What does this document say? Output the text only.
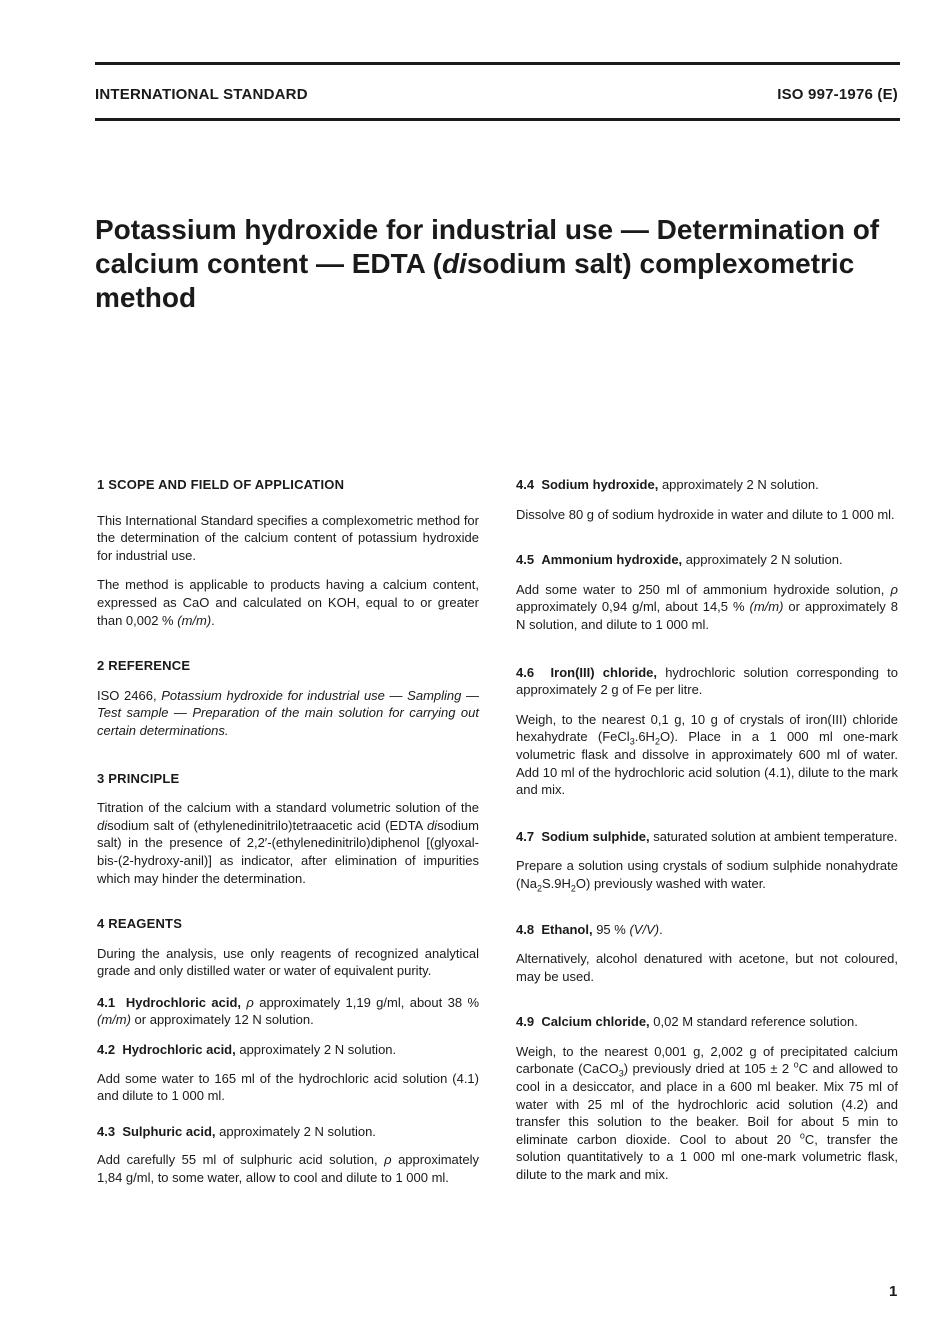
INTERNATIONAL STANDARD	ISO 997-1976 (E)
Potassium hydroxide for industrial use — Determination of calcium content — EDTA (disodium salt) complexometric method

1 SCOPE AND FIELD OF APPLICATION

This International Standard specifies a complexometric method for the determination of the calcium content of potassium hydroxide for industrial use.

The method is applicable to products having a calcium content, expressed as CaO and calculated on KOH, equal to or greater than 0,002 % (m/m).

2 REFERENCE

ISO 2466, Potassium hydroxide for industrial use — Sampling — Test sample — Preparation of the main solution for carrying out certain determinations.

3 PRINCIPLE

Titration of the calcium with a standard volumetric solution of the disodium salt of (ethylenedinitrilo)tetraacetic acid (EDTA disodium salt) in the presence of 2,2′-(ethylenedinitrilo)diphenol [(glyoxal-bis-(2-hydroxy-anil)] as indicator, after elimination of impurities which may hinder the determination.

4 REAGENTS

During the analysis, use only reagents of recognized analytical grade and only distilled water or water of equivalent purity.

4.1 Hydrochloric acid, ρ approximately 1,19 g/ml, about 38 % (m/m) or approximately 12 N solution.

4.2 Hydrochloric acid, approximately 2 N solution.

Add some water to 165 ml of the hydrochloric acid solution (4.1) and dilute to 1 000 ml.

4.3 Sulphuric acid, approximately 2 N solution.

Add carefully 55 ml of sulphuric acid solution, ρ approximately 1,84 g/ml, to some water, allow to cool and dilute to 1 000 ml.

4.4 Sodium hydroxide, approximately 2 N solution.

Dissolve 80 g of sodium hydroxide in water and dilute to 1 000 ml.

4.5 Ammonium hydroxide, approximately 2 N solution.

Add some water to 250 ml of ammonium hydroxide solution, ρ approximately 0,94 g/ml, about 14,5 % (m/m) or approximately 8 N solution, and dilute to 1 000 ml.

4.6 Iron(III) chloride, hydrochloric solution corresponding to approximately 2 g of Fe per litre.

Weigh, to the nearest 0,1 g, 10 g of crystals of iron(III) chloride hexahydrate $(FeCl_3.6H_2O)$. Place in a 1 000 ml one-mark volumetric flask and dissolve in approximately 600 ml of water. Add 10 ml of the hydrochloric acid solution (4.1), dilute to the mark and mix.

4.7 Sodium sulphide, saturated solution at ambient temperature.

Prepare a solution using crystals of sodium sulphide nonahydrate $(Na_2S.9H_2O)$ previously washed with water.

4.8 Ethanol, 95 % (V/V).

Alternatively, alcohol denatured with acetone, but not coloured, may be used.

4.9 Calcium chloride, 0,02 M standard reference solution.

Weigh, to the nearest 0,001 g, 2,002 g of precipitated calcium carbonate (CaCO$_3$) previously dried at 105 ± 2 $^o$C and allowed to cool in a desiccator, and place in a 600 ml beaker. Mix 75 ml of water with 25 ml of the hydrochloric acid solution (4.2) and transfer this solution to the beaker. Boil for about 5 min to eliminate carbon dioxide. Cool to about 20 $^o$C, transfer the solution quantitatively to a 1 000 ml one-mark volumetric flask, dilute to the mark and mix.

1
